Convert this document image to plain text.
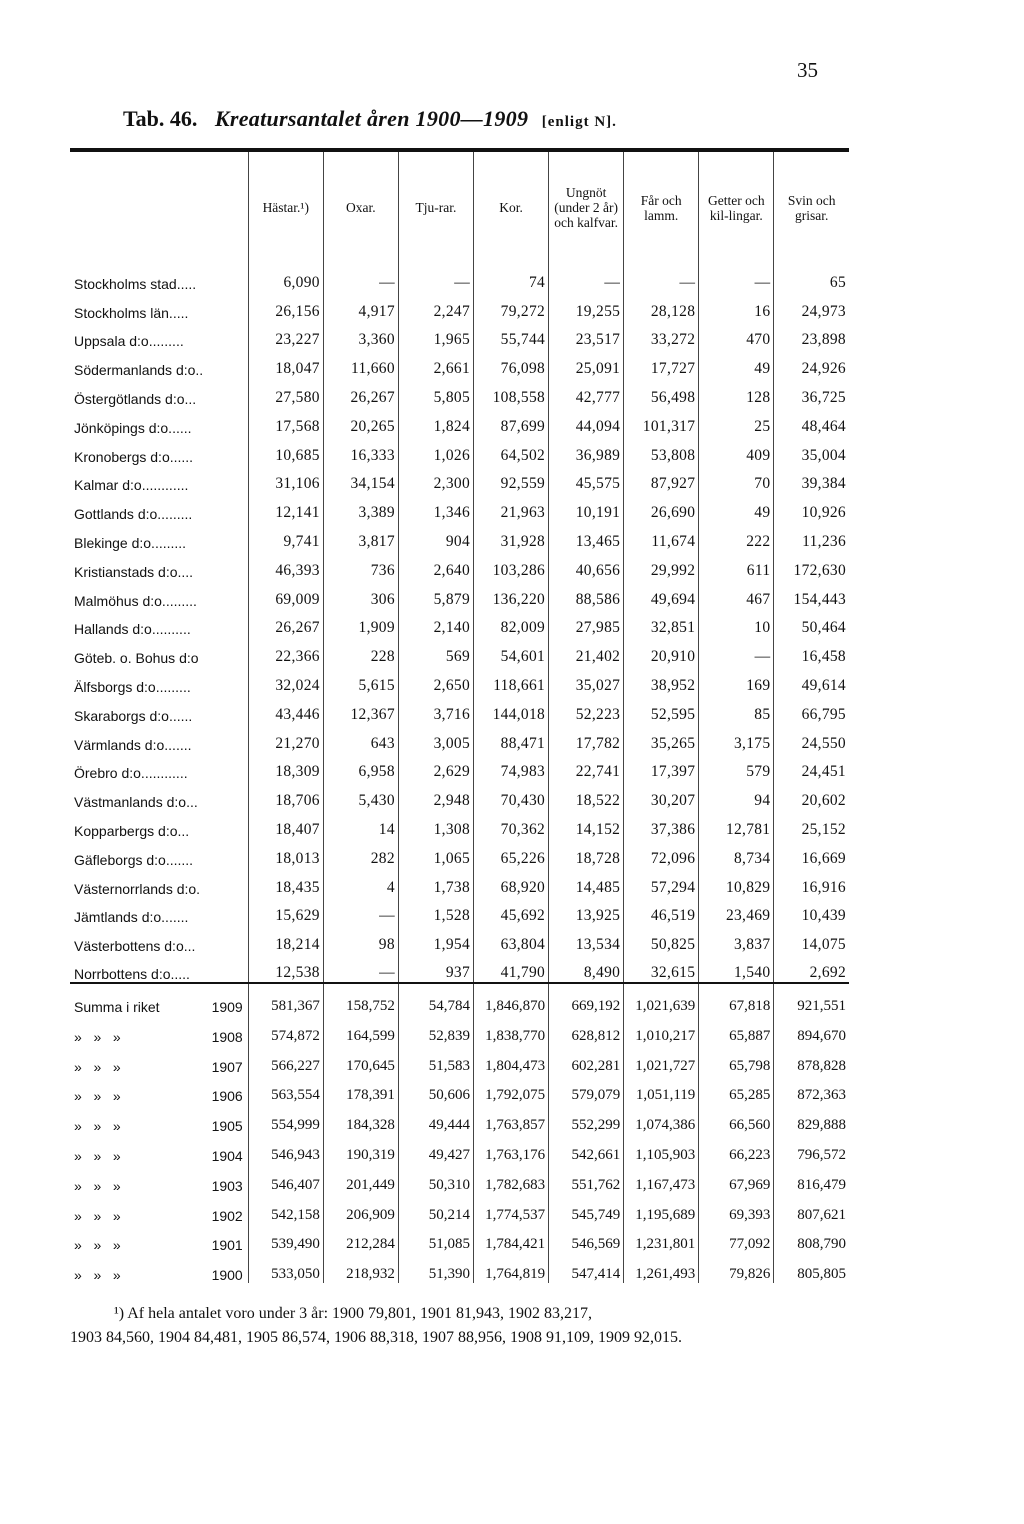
35
Tab. 46. Kreatursantalet åren 1900—1909 [enligt N].
	Hästar.¹)	Oxar.	Tju-rar.	Kor.	Ungnöt (under 2 år) och kalfvar.	Får och lamm.	Getter och kil-lingar.	Svin och grisar.
Stockholms stad.....	6,090	—	—	74	—	—	—	65
Stockholms län.....	26,156	4,917	2,247	79,272	19,255	28,128	16	24,973
Uppsala d:o.........	23,227	3,360	1,965	55,744	23,517	33,272	470	23,898
Södermanlands d:o..	18,047	11,660	2,661	76,098	25,091	17,727	49	24,926
Östergötlands d:o...	27,580	26,267	5,805	108,558	42,777	56,498	128	36,725
Jönköpings d:o......	17,568	20,265	1,824	87,699	44,094	101,317	25	48,464
Kronobergs d:o......	10,685	16,333	1,026	64,502	36,989	53,808	409	35,004
Kalmar d:o............	31,106	34,154	2,300	92,559	45,575	87,927	70	39,384
Gottlands d:o.........	12,141	3,389	1,346	21,963	10,191	26,690	49	10,926
Blekinge d:o.........	9,741	3,817	904	31,928	13,465	11,674	222	11,236
Kristianstads d:o....	46,393	736	2,640	103,286	40,656	29,992	611	172,630
Malmöhus d:o.........	69,009	306	5,879	136,220	88,586	49,694	467	154,443
Hallands d:o..........	26,267	1,909	2,140	82,009	27,985	32,851	10	50,464
Göteb. o. Bohus d:o	22,366	228	569	54,601	21,402	20,910	—	16,458
Älfsborgs d:o.........	32,024	5,615	2,650	118,661	35,027	38,952	169	49,614
Skaraborgs d:o......	43,446	12,367	3,716	144,018	52,223	52,595	85	66,795
Värmlands d:o.......	21,270	643	3,005	88,471	17,782	35,265	3,175	24,550
Örebro d:o............	18,309	6,958	2,629	74,983	22,741	17,397	579	24,451
Västmanlands d:o...	18,706	5,430	2,948	70,430	18,522	30,207	94	20,602
Kopparbergs d:o...	18,407	14	1,308	70,362	14,152	37,386	12,781	25,152
Gäfleborgs d:o.......	18,013	282	1,065	65,226	18,728	72,096	8,734	16,669
Västernorrlands d:o.	18,435	4	1,738	68,920	14,485	57,294	10,829	16,916
Jämtlands d:o.......	15,629	—	1,528	45,692	13,925	46,519	23,469	10,439
Västerbottens d:o...	18,214	98	1,954	63,804	13,534	50,825	3,837	14,075
Norrbottens d:o.....	12,538	—	937	41,790	8,490	32,615	1,540	2,692

Summa i riket 1909	581,367	158,752	54,784	1,846,870	669,192	1,021,639	67,818	921,551

»   »   » 1908	574,872	164,599	52,839	1,838,770	628,812	1,010,217	65,887	894,670

»   »   » 1907	566,227	170,645	51,583	1,804,473	602,281	1,021,727	65,798	878,828

»   »   » 1906	563,554	178,391	50,606	1,792,075	579,079	1,051,119	65,285	872,363

»   »   » 1905	554,999	184,328	49,444	1,763,857	552,299	1,074,386	66,560	829,888

»   »   » 1904	546,943	190,319	49,427	1,763,176	542,661	1,105,903	66,223	796,572

»   »   » 1903	546,407	201,449	50,310	1,782,683	551,762	1,167,473	67,969	816,479

»   »   » 1902	542,158	206,909	50,214	1,774,537	545,749	1,195,689	69,393	807,621

»   »   » 1901	539,490	212,284	51,085	1,784,421	546,569	1,231,801	77,092	808,790

»   »   » 1900	533,050	218,932	51,390	1,764,819	547,414	1,261,493	79,826	805,805

¹) Af hela antalet voro under 3 år: 1900 79,801, 1901 81,943, 1902 83,217,

1903 84,560, 1904 84,481, 1905 86,574, 1906 88,318, 1907 88,956, 1908 91,109, 1909 92,015.
